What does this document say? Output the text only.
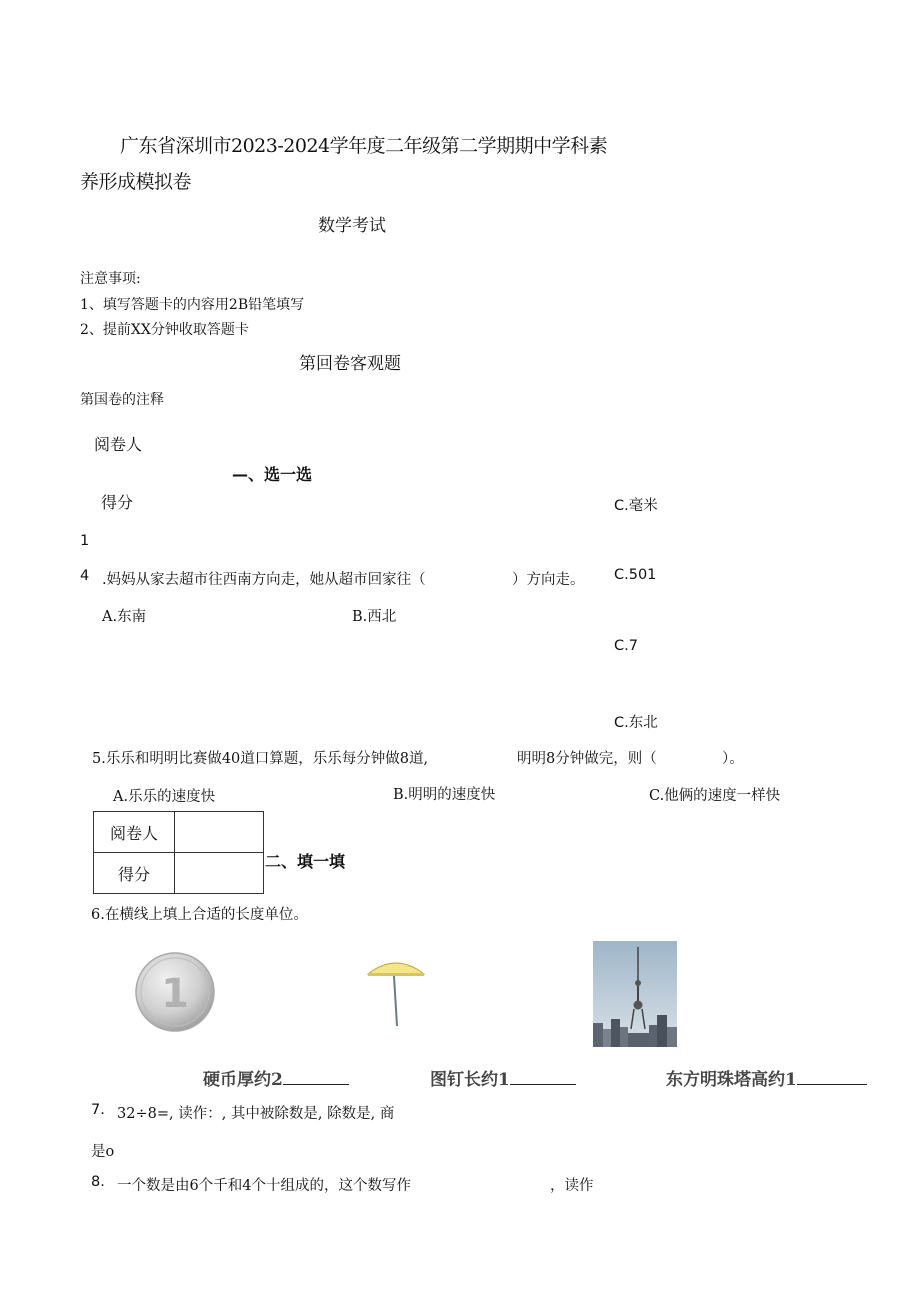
广东省深圳市2023-2024学年度二年级第二学期期中学科素
养形成模拟卷
数学考试
注意事项:
1、填写答题卡的内容用2B铅笔填写
2、提前XX分钟收取答题卡
第回卷客观题
第国卷的注释
阅卷人
—、选一选
得分	C.毫米
1
4 .妈妈从家去超市往西南方向走，她从超市回家往（	）方向走。 C.501
A.东南	B.西北
C.7
C.东北
5.乐乐和明明比赛做40道口算题，乐乐每分钟做8道,	明明8分钟做完，则（	）。
A.乐乐的速度快	B.明明的速度快	C.他俩的速度一样快
阅卷人	
得分	
二、填一填
6.在横线上填上合适的长度单位。
1
硬币厚约2	图钉长约1	东方明珠塔高约1
7. 32÷8=, 读作：, 其中被除数是, 除数是, 商
是o
8. 一个数是由6个千和4个十组成的，这个数写作	，读作
